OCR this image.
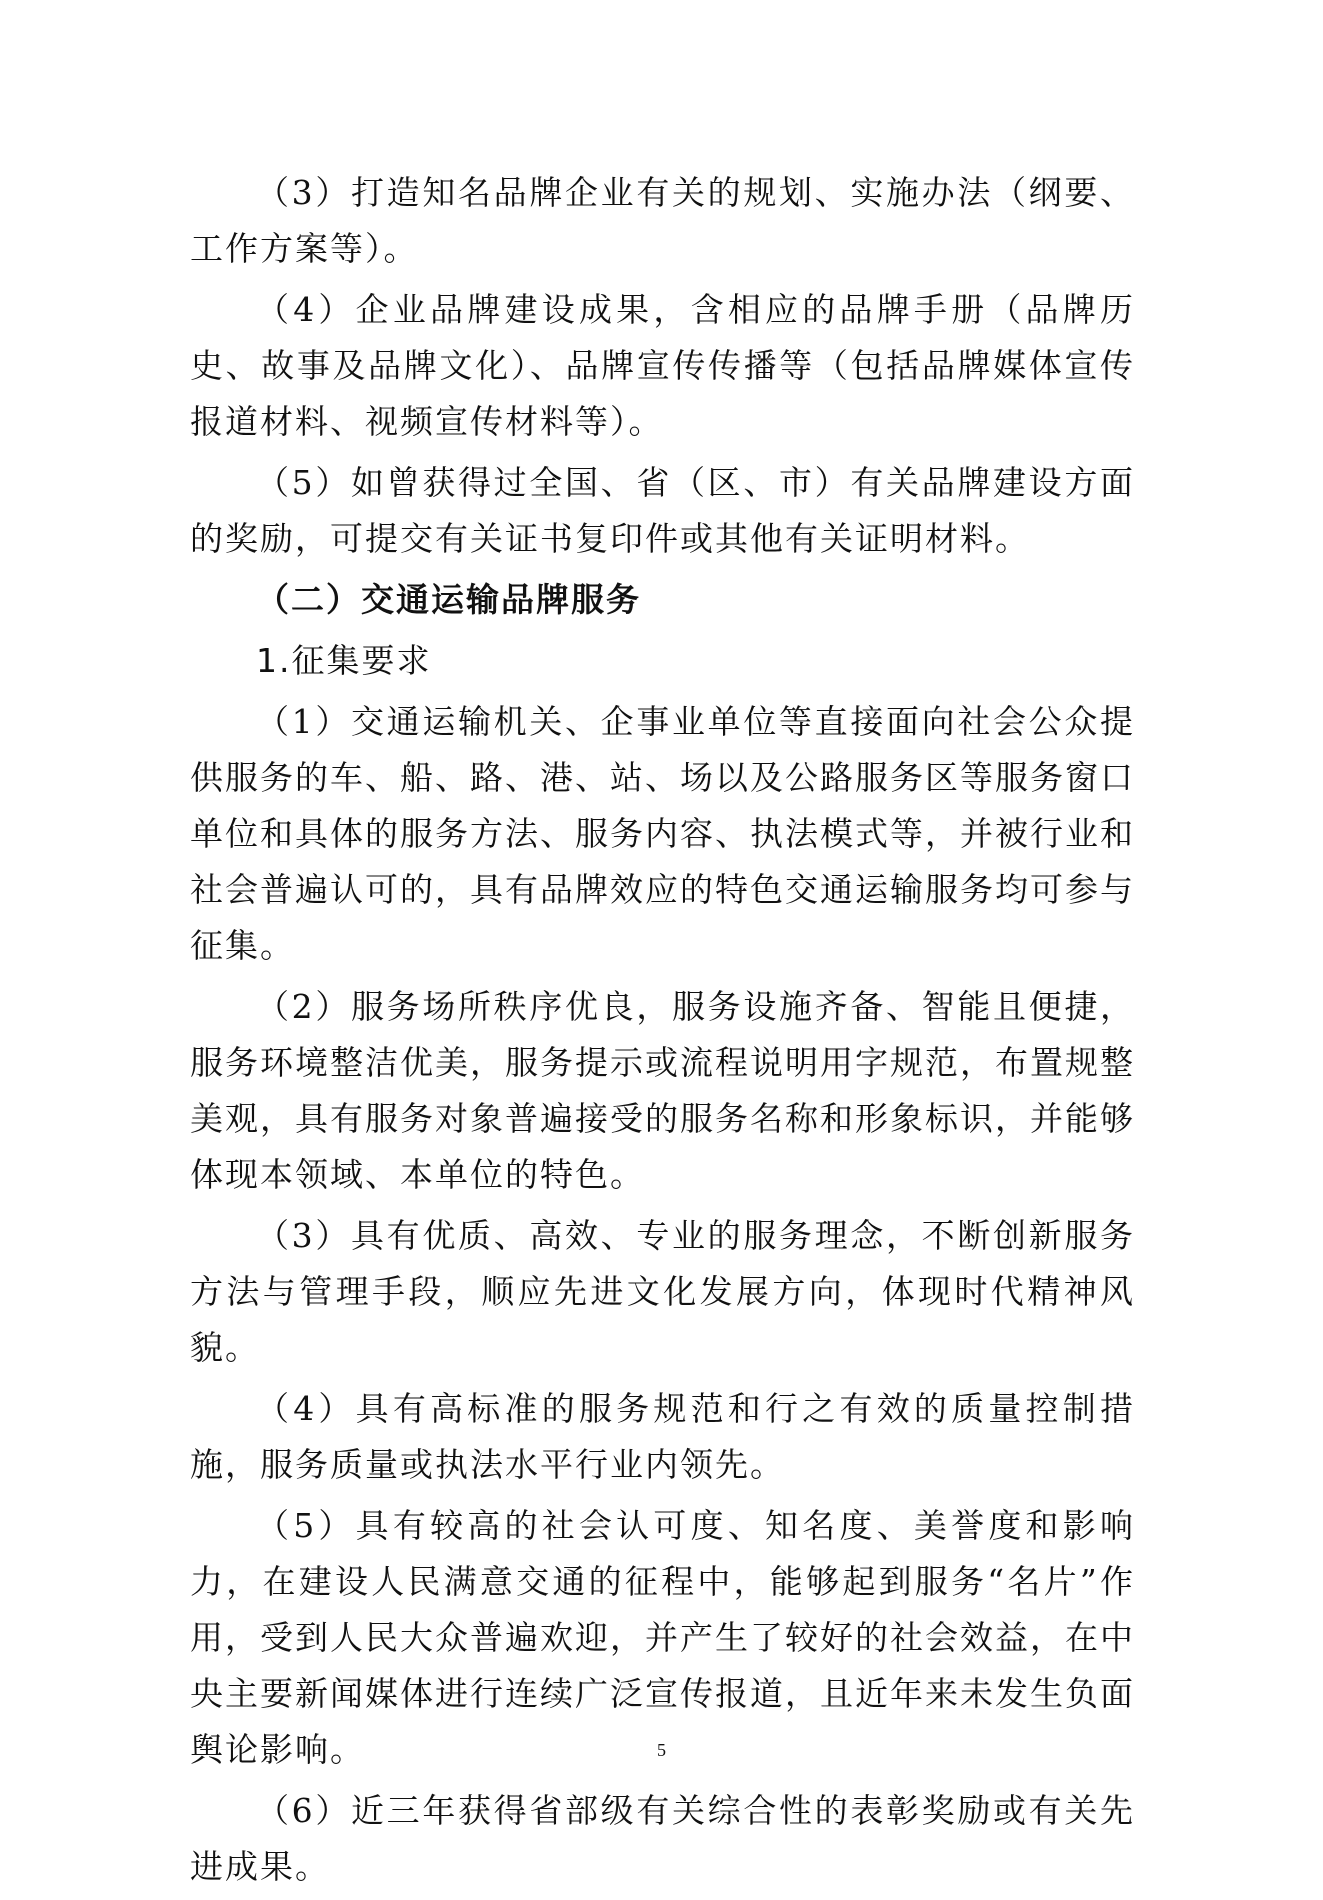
（3）打造知名品牌企业有关的规划、实施办法（纲要、工作方案等）。

（4）企业品牌建设成果，含相应的品牌手册（品牌历史、故事及品牌文化）、品牌宣传传播等（包括品牌媒体宣传报道材料、视频宣传材料等）。

（5）如曾获得过全国、省（区、市）有关品牌建设方面的奖励，可提交有关证书复印件或其他有关证明材料。

（二）交通运输品牌服务

1.征集要求

（1）交通运输机关、企事业单位等直接面向社会公众提供服务的车、船、路、港、站、场以及公路服务区等服务窗口单位和具体的服务方法、服务内容、执法模式等，并被行业和社会普遍认可的，具有品牌效应的特色交通运输服务均可参与征集。

（2）服务场所秩序优良，服务设施齐备、智能且便捷，服务环境整洁优美，服务提示或流程说明用字规范，布置规整美观，具有服务对象普遍接受的服务名称和形象标识，并能够体现本领域、本单位的特色。

（3）具有优质、高效、专业的服务理念，不断创新服务方法与管理手段，顺应先进文化发展方向，体现时代精神风貌。

（4）具有高标准的服务规范和行之有效的质量控制措施，服务质量或执法水平行业内领先。

（5）具有较高的社会认可度、知名度、美誉度和影响力，在建设人民满意交通的征程中，能够起到服务“名片”作用，受到人民大众普遍欢迎，并产生了较好的社会效益，在中央主要新闻媒体进行连续广泛宣传报道，且近年来未发生负面舆论影响。

（6）近三年获得省部级有关综合性的表彰奖励或有关先进成果。

5
